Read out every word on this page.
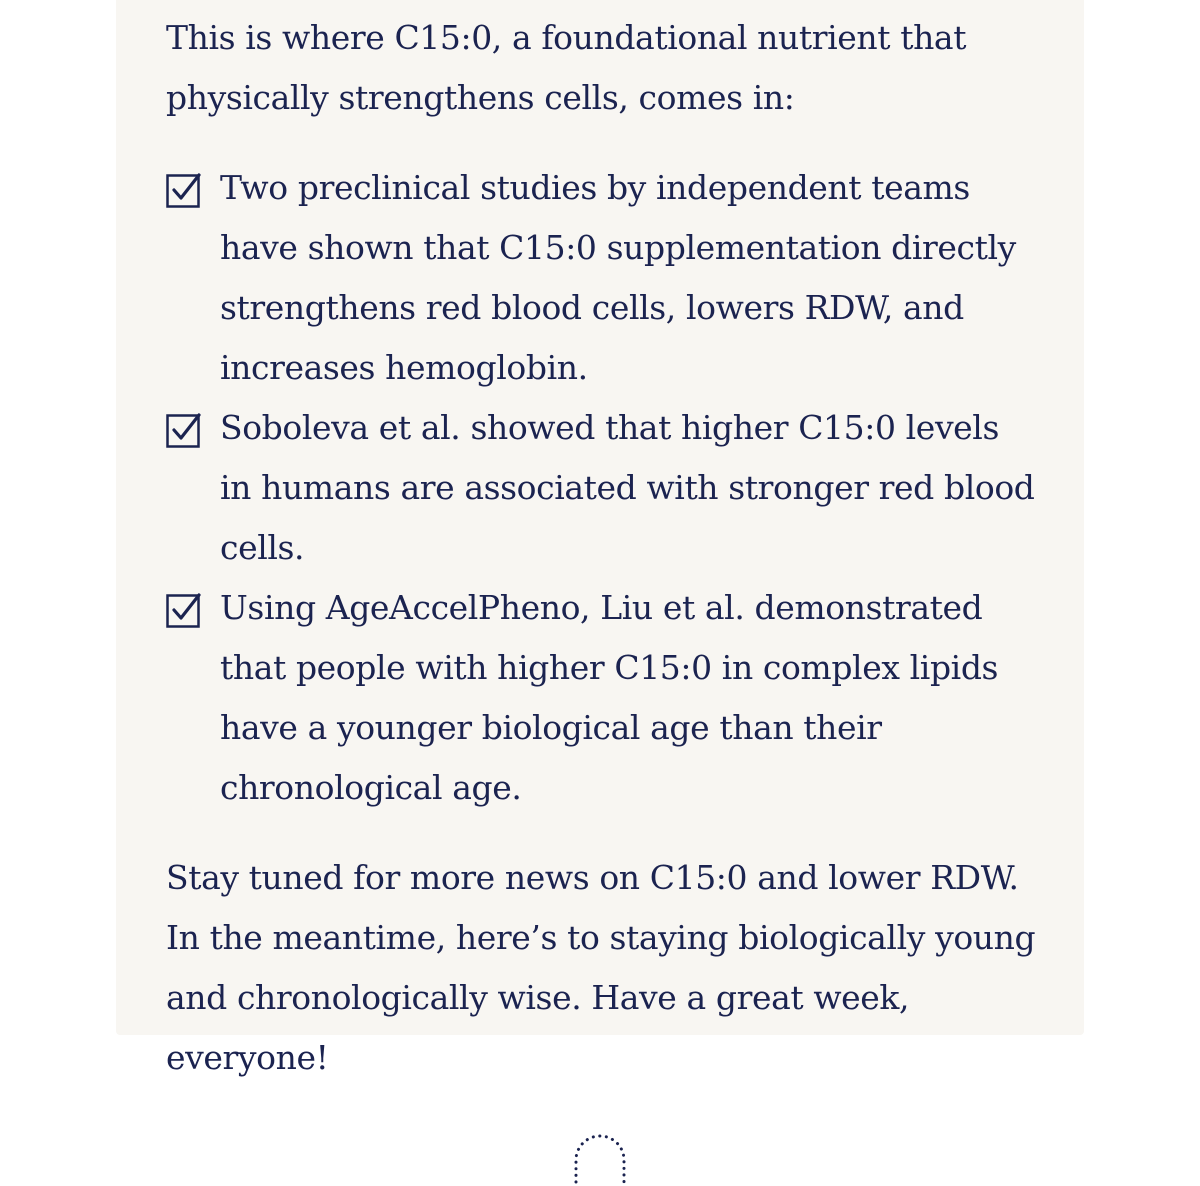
This is where C15:0, a foundational nutrient that physically strengthens cells, comes in:

Two preclinical studies by independent teams have shown that C15:0 supplementation directly strengthens red blood cells, lowers RDW, and increases hemoglobin.
Soboleva et al. showed that higher C15:0 levels in humans are associated with stronger red blood cells.
Using AgeAccelPheno, Liu et al. demonstrated that people with higher C15:0 in complex lipids have a younger biological age than their chronological age.

Stay tuned for more news on C15:0 and lower RDW. In the meantime, here’s to staying biologically young and chronologically wise. Have a great week, everyone!
